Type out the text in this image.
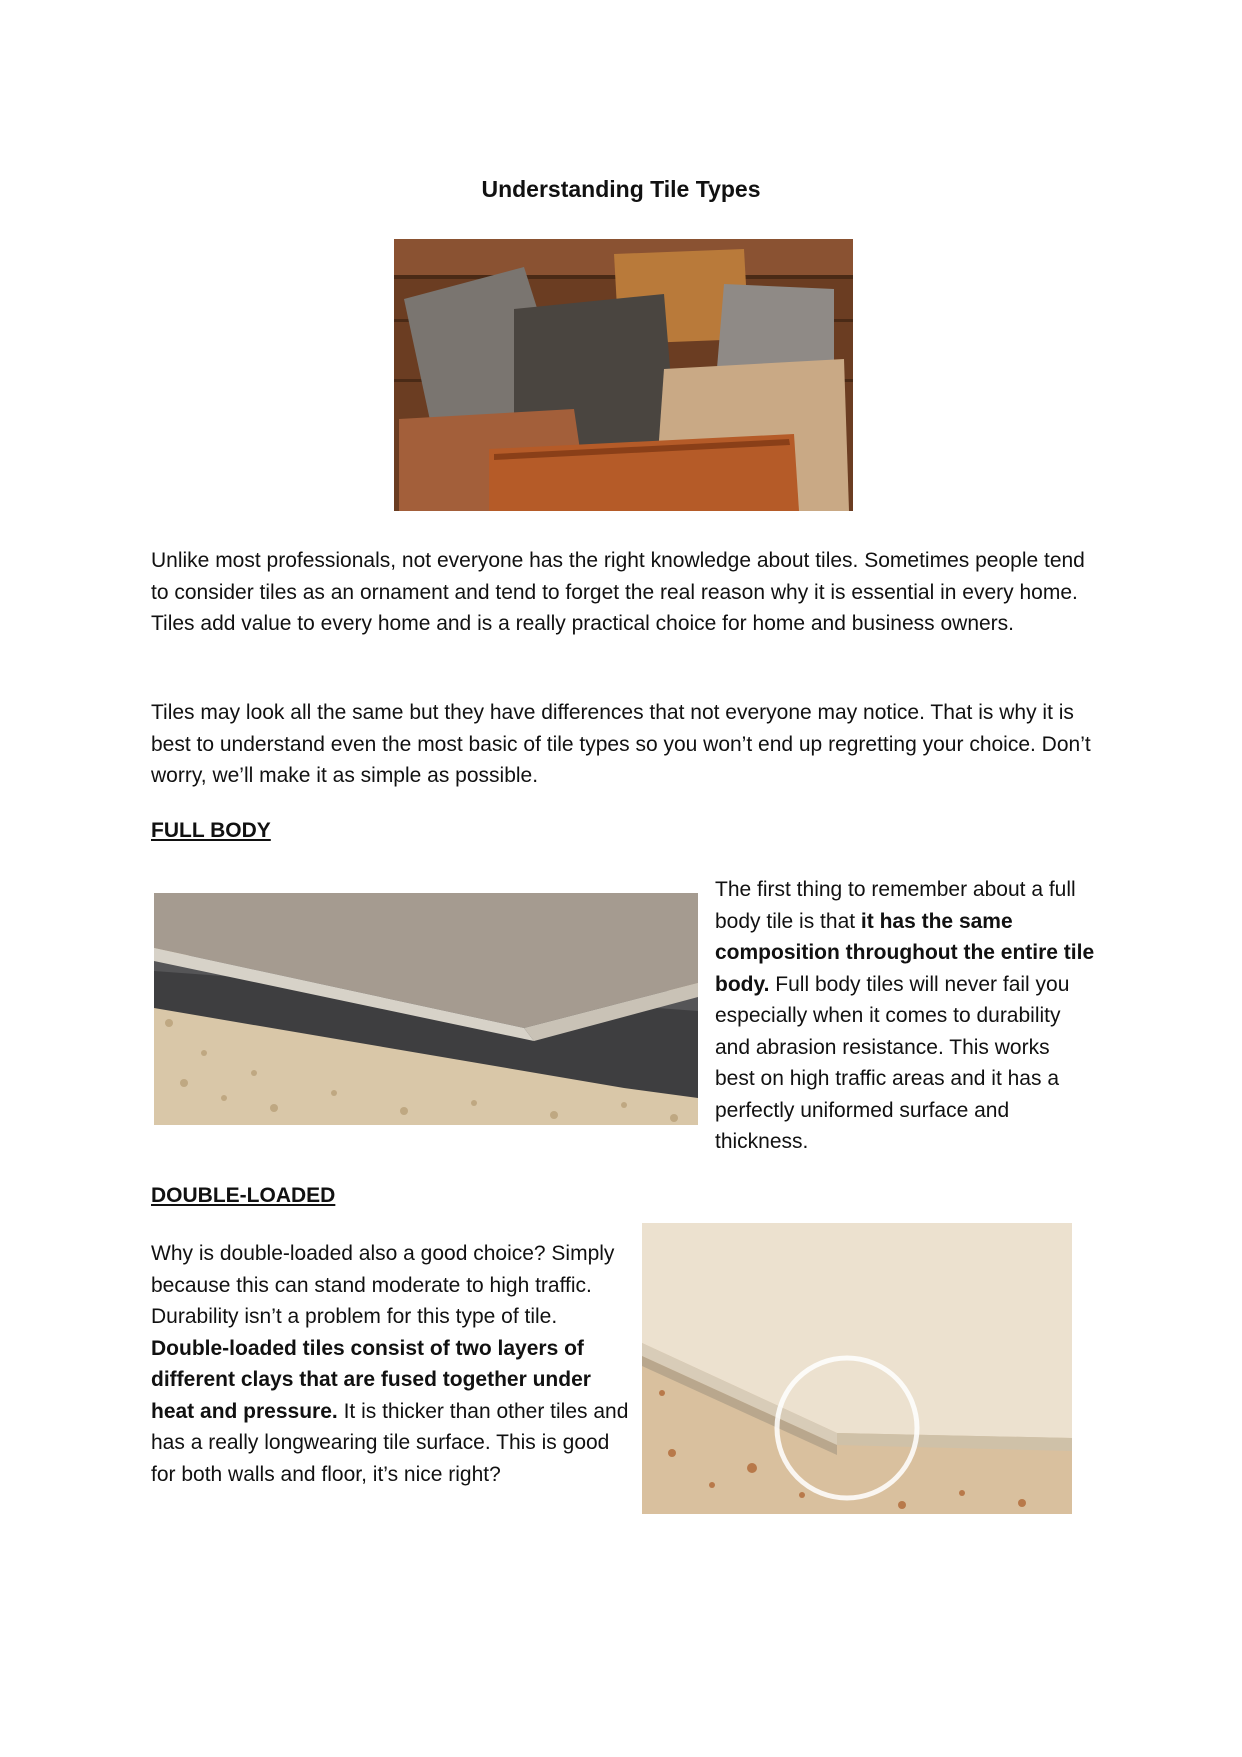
Understanding Tile Types

Unlike most professionals, not everyone has the right knowledge about tiles. Sometimes people tend to consider tiles as an ornament and tend to forget the real reason why it is essential in every home. Tiles add value to every home and is a really practical choice for home and business owners.

Tiles may look all the same but they have differences that not everyone may notice. That is why it is best to understand even the most basic of tile types so you won’t end up regretting your choice. Don’t worry, we’ll make it as simple as possible.

FULL BODY

The first thing to remember about a full body tile is that it has the same composition throughout the entire tile body. Full body tiles will never fail you especially when it comes to durability and abrasion resistance. This works best on high traffic areas and it has a perfectly uniformed surface and thickness.

DOUBLE-LOADED

Why is double-loaded also a good choice? Simply because this can stand moderate to high traffic. Durability isn’t a problem for this type of tile. Double-loaded tiles consist of two layers of different clays that are fused together under heat and pressure. It is thicker than other tiles and has a really longwearing tile surface. This is good for both walls and floor, it’s nice right?
